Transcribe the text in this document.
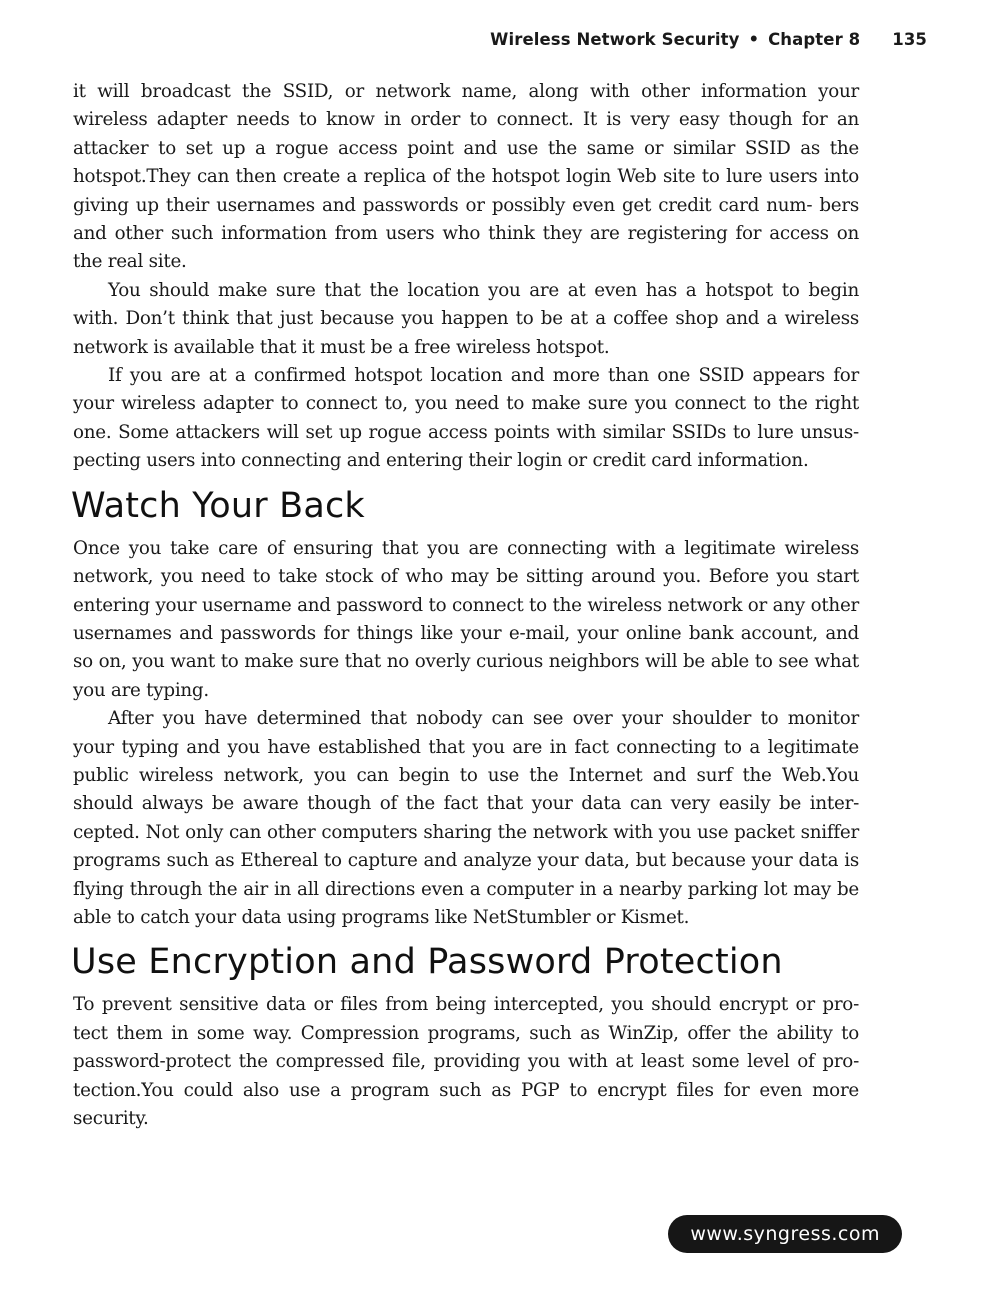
Wireless Network Security • Chapter 8 135

it will broadcast the SSID, or network name, along with other information your wireless adapter needs to know in order to connect. It is very easy though for an attacker to set up a rogue access point and use the same or similar SSID as the hotspot.They can then create a replica of the hotspot login Web site to lure users into giving up their usernames and passwords or possibly even get credit card num- bers and other such information from users who think they are registering for access on the real site.

You should make sure that the location you are at even has a hotspot to begin with. Don’t think that just because you happen to be at a coffee shop and a wireless network is available that it must be a free wireless hotspot.

If you are at a confirmed hotspot location and more than one SSID appears for your wireless adapter to connect to, you need to make sure you connect to the right one. Some attackers will set up rogue access points with similar SSIDs to lure unsus- pecting users into connecting and entering their login or credit card information.

Watch Your Back

Once you take care of ensuring that you are connecting with a legitimate wireless network, you need to take stock of who may be sitting around you. Before you start entering your username and password to connect to the wireless network or any other usernames and passwords for things like your e-mail, your online bank account, and so on, you want to make sure that no overly curious neighbors will be able to see what you are typing.

After you have determined that nobody can see over your shoulder to monitor your typing and you have established that you are in fact connecting to a legitimate public wireless network, you can begin to use the Internet and surf the Web.You should always be aware though of the fact that your data can very easily be inter- cepted. Not only can other computers sharing the network with you use packet sniffer programs such as Ethereal to capture and analyze your data, but because your data is flying through the air in all directions even a computer in a nearby parking lot may be able to catch your data using programs like NetStumbler or Kismet.

Use Encryption and Password Protection

To prevent sensitive data or files from being intercepted, you should encrypt or pro- tect them in some way. Compression programs, such as WinZip, offer the ability to password-protect the compressed file, providing you with at least some level of pro- tection.You could also use a program such as PGP to encrypt files for even more security.

www.syngress.com
